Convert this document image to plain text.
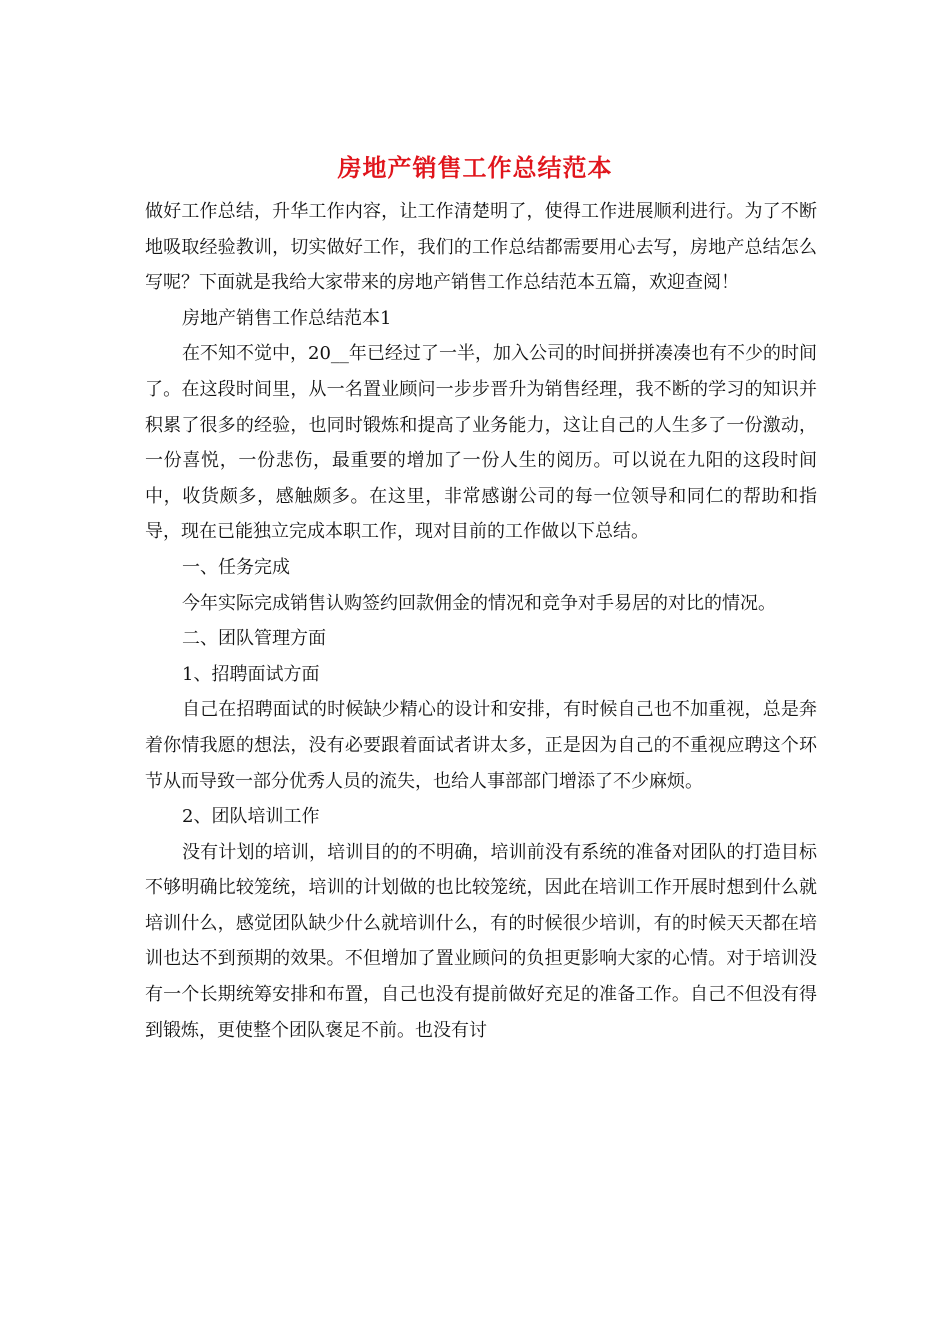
房地产销售工作总结范本

做好工作总结，升华工作内容，让工作清楚明了，使得工作进展顺利进行。为了不断地吸取经验教训，切实做好工作，我们的工作总结都需要用心去写，房地产总结怎么写呢？下面就是我给大家带来的房地产销售工作总结范本五篇，欢迎查阅！

房地产销售工作总结范本1

在不知不觉中，20__年已经过了一半，加入公司的时间拼拼凑凑也有不少的时间了。在这段时间里，从一名置业顾问一步步晋升为销售经理，我不断的学习的知识并积累了很多的经验，也同时锻炼和提高了业务能力，这让自己的人生多了一份激动，一份喜悦，一份悲伤，最重要的增加了一份人生的阅历。可以说在九阳的这段时间中，收货颇多，感触颇多。在这里，非常感谢公司的每一位领导和同仁的帮助和指导，现在已能独立完成本职工作，现对目前的工作做以下总结。

一、任务完成

今年实际完成销售认购签约回款佣金的情况和竞争对手易居的对比的情况。

二、团队管理方面

1、招聘面试方面

自己在招聘面试的时候缺少精心的设计和安排，有时候自己也不加重视，总是奔着你情我愿的想法，没有必要跟着面试者讲太多，正是因为自己的不重视应聘这个环节从而导致一部分优秀人员的流失，也给人事部部门增添了不少麻烦。

2、团队培训工作

没有计划的培训，培训目的的不明确，培训前没有系统的准备对团队的打造目标不够明确比较笼统，培训的计划做的也比较笼统，因此在培训工作开展时想到什么就培训什么，感觉团队缺少什么就培训什么，有的时候很少培训，有的时候天天都在培训也达不到预期的效果。不但增加了置业顾问的负担更影响大家的心情。对于培训没有一个长期统筹安排和布置，自己也没有提前做好充足的准备工作。自己不但没有得到锻炼，更使整个团队褒足不前。也没有讨
